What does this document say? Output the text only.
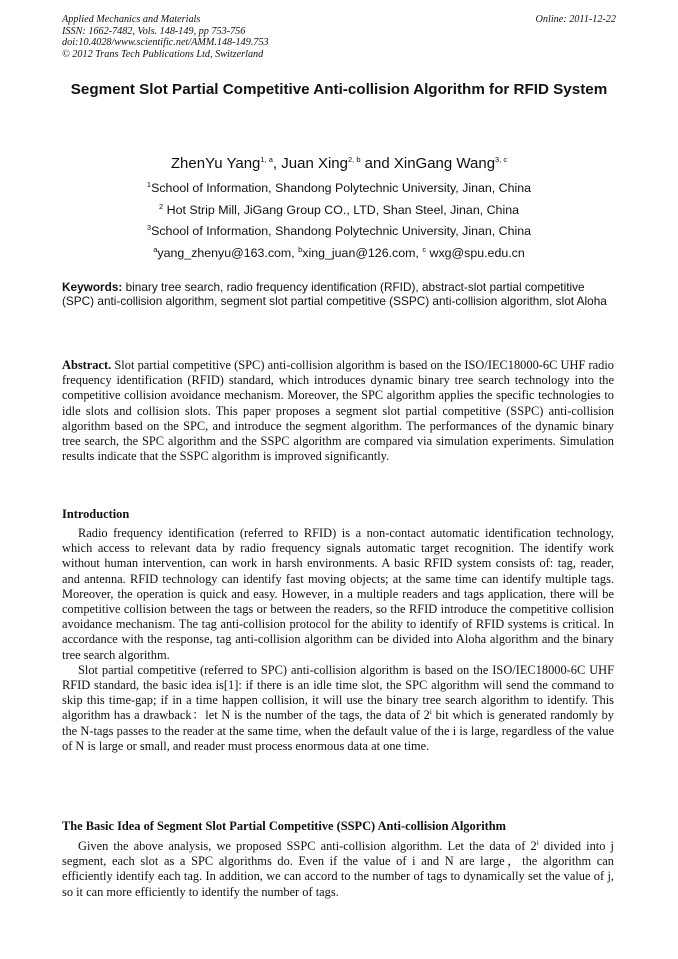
Applied Mechanics and Materials	Online: 2011-12-22
ISSN: 1662-7482, Vols. 148-149, pp 753-756
doi:10.4028/www.scientific.net/AMM.148-149.753
© 2012 Trans Tech Publications Ltd, Switzerland
Segment Slot Partial Competitive Anti-collision Algorithm for RFID System
ZhenYu Yang$^{1, a}$, Juan Xing$^{2, b}$ and XinGang Wang$^{3, c}$
$^1$School of Information, Shandong Polytechnic University, Jinan, China
$^2$ Hot Strip Mill, JiGang Group CO., LTD, Shan Steel, Jinan, China
$^3$School of Information, Shandong Polytechnic University, Jinan, China
$^a$yang_zhenyu@163.com, $^b$xing_juan@126.com, $^c$ wxg@spu.edu.cn
Keywords: binary tree search, radio frequency identification (RFID), abstract-slot partial competitive (SPC) anti-collision algorithm, segment slot partial competitive (SSPC) anti-collision algorithm, slot Aloha

Abstract. Slot partial competitive (SPC) anti-collision algorithm is based on the ISO/IEC18000-6C UHF radio frequency identification (RFID) standard, which introduces dynamic binary tree search technology into the competitive collision avoidance mechanism. Moreover, the SPC algorithm applies the specific technologies to idle slots and collision slots. This paper proposes a segment slot partial competitive (SSPC) anti-collision algorithm based on the SPC, and introduce the segment algorithm. The performances of the dynamic binary tree search, the SPC algorithm and the SSPC algorithm are compared via simulation experiments. Simulation results indicate that the SSPC algorithm is improved significantly.

Introduction

Radio frequency identification (referred to RFID) is a non-contact automatic identification technology, which access to relevant data by radio frequency signals automatic target recognition. The identify work without human intervention, can work in harsh environments. A basic RFID system consists of: tag, reader, and antenna. RFID technology can identify fast moving objects; at the same time can identify multiple tags. Moreover, the operation is quick and easy. However, in a multiple readers and tags application, there will be competitive collision between the tags or between the readers, so the RFID introduce the competitive collision avoidance mechanism. The tag anti-collision protocol for the ability to identify of RFID systems is critical. In accordance with the response, tag anti-collision algorithm can be divided into Aloha algorithm and the binary tree search algorithm.

Slot partial competitive (referred to SPC) anti-collision algorithm is based on the ISO/IEC18000-6C UHF RFID standard, the basic idea is[1]: if there is an idle time slot, the SPC algorithm will send the command to skip this time-gap; if in a time happen collision, it will use the binary tree search algorithm to identify. This algorithm has a drawback：let N is the number of the tags, the data of 2$^i$ bit which is generated randomly by the N-tags passes to the reader at the same time, when the default value of the i is large, regardless of the value of N is large or small, and reader must process enormous data at one time.

The Basic Idea of Segment Slot Partial Competitive (SSPC) Anti-collision Algorithm

Given the above analysis, we proposed SSPC anti-collision algorithm. Let the data of 2$^i$ divided into j segment, each slot as a SPC algorithms do. Even if the value of i and N are large，the algorithm can efficiently identify each tag. In addition, we can accord to the number of tags to dynamically set the value of j, so it can more efficiently to identify the number of tags.
